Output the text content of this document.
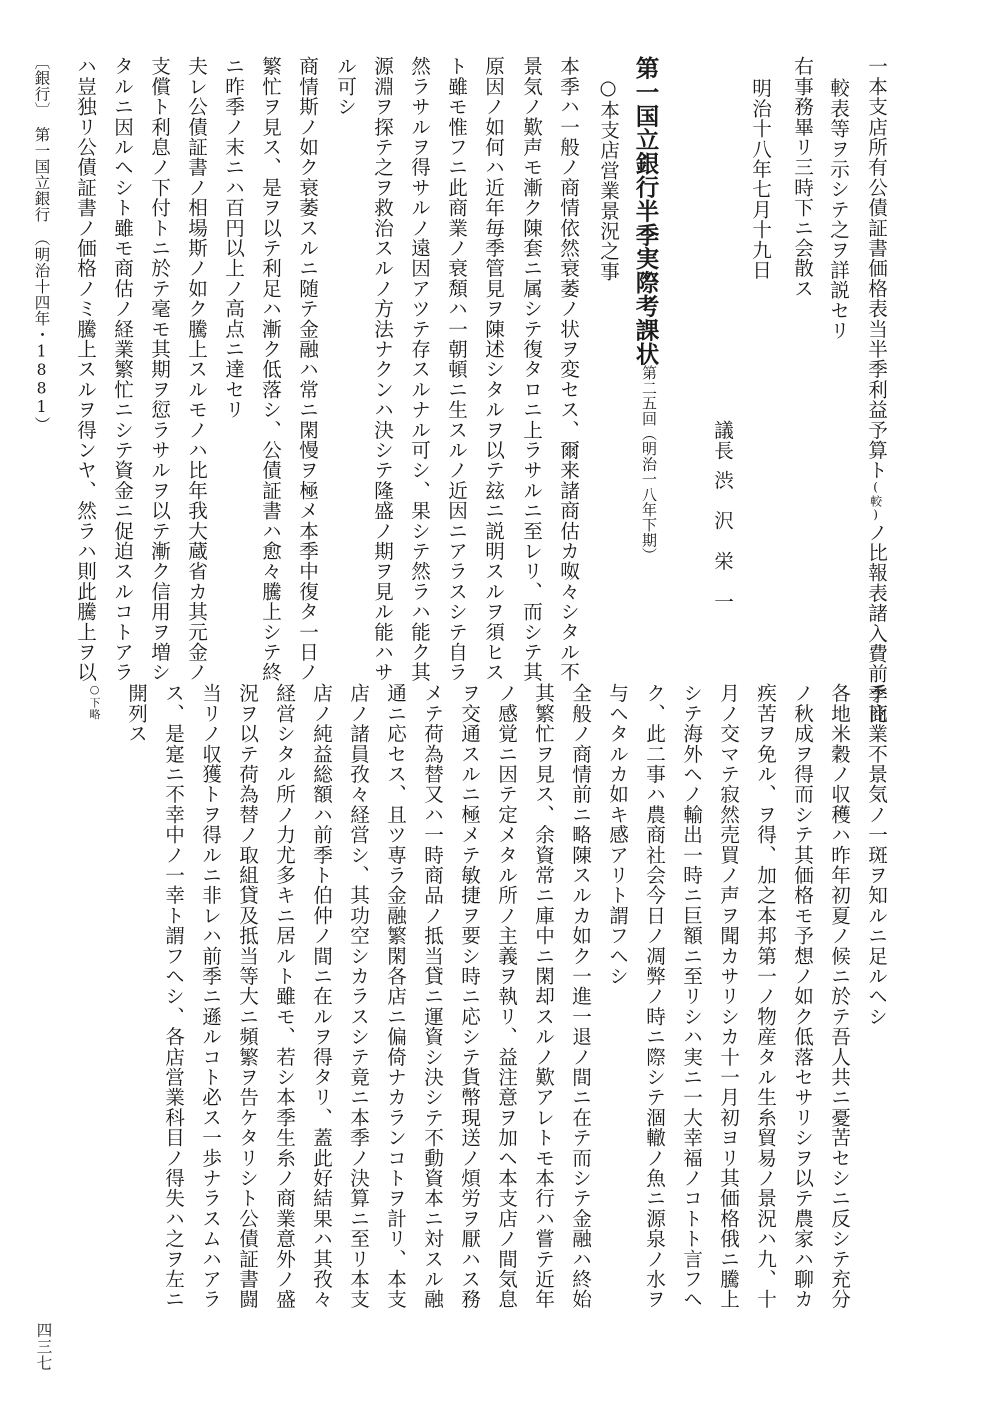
一本支店所有公債証書価格表当半季利益予算ト(較)ノ比報表諸入費前季比
較表等ヲ示シテ之ヲ詳説セリ
右事務畢リ三時下ニ会散ス
明治十八年七月十九日
議長
渋　沢　栄　一
第一国立銀行半季実際考課状
第二五回（明治一八年下期）
○本支店営業景況之事
本季ハ一般ノ商情依然衰萎ノ状ヲ変セス、爾来諸商估カ呶々シタル不
景気ノ歎声モ漸ク陳套ニ属シテ復タロニ上ラサルニ至レリ、而シテ其
原因ノ如何ハ近年毎季管見ヲ陳述シタルヲ以テ玆ニ説明スルヲ須ヒス
ト雖モ惟フニ此商業ノ衰頽ハ一朝頓ニ生スルノ近因ニアラスシテ自ラ
然ラサルヲ得サルノ遠因アツテ存スルナル可シ、果シテ然ラハ能ク其
源淵ヲ探テ之ヲ救治スルノ方法ナクンハ決シテ隆盛ノ期ヲ見ル能ハサ
ル可シ
商情斯ノ如ク衰萎スルニ随テ金融ハ常ニ閑慢ヲ極メ本季中復タ一日ノ
繁忙ヲ見ス、是ヲ以テ利足ハ漸ク低落シ、公債証書ハ愈々騰上シテ終
ニ昨季ノ末ニハ百円以上ノ高点ニ達セリ
夫レ公債証書ノ相場斯ノ如ク騰上スルモノハ比年我大蔵省カ其元金ノ
支償ト利息ノ下付トニ於テ毫モ其期ヲ愆ラサルヲ以テ漸ク信用ヲ増シ
タルニ因ルヘシト雖モ商估ノ経業繁忙ニシテ資金ニ促迫スルコトアラ
ハ豈独リ公債証書ノ価格ノミ騰上スルヲ得ンヤ、然ラハ則此騰上ヲ以
テ商業不景気ノ一斑ヲ知ルニ足ルヘシ
各地米穀ノ収穫ハ昨年初夏ノ候ニ於テ吾人共ニ憂苦セシニ反シテ充分
ノ秋成ヲ得而シテ其価格モ予想ノ如ク低落セサリシヲ以テ農家ハ聊カ
疾苦ヲ免ル、ヲ得、加之本邦第一ノ物産タル生糸貿易ノ景況ハ九、十
月ノ交マテ寂然売買ノ声ヲ聞カサリシカ十一月初ヨリ其価格俄ニ騰上
シテ海外ヘノ輸出一時ニ巨額ニ至リシハ実ニ一大幸福ノコトト言フヘ
ク、此二事ハ農商社会今日ノ凋弊ノ時ニ際シテ涸轍ノ魚ニ源泉ノ水ヲ
与ヘタルカ如キ感アリト謂フヘシ
全般ノ商情前ニ略陳スルカ如ク一進一退ノ間ニ在テ而シテ金融ハ終始
其繁忙ヲ見ス、余資常ニ庫中ニ閑却スルノ歎アレトモ本行ハ嘗テ近年
ノ感覚ニ因テ定メタル所ノ主義ヲ執リ、益注意ヲ加ヘ本支店ノ間気息
ヲ交通スルニ極メテ敏捷ヲ要シ時ニ応シテ貨幣現送ノ煩労ヲ厭ハス務
メテ荷為替又ハ一時商品ノ抵当貸ニ運資シ決シテ不動資本ニ対スル融
通ニ応セス、且ツ専ラ金融繁閑各店ニ偏倚ナカランコトヲ計リ、本支
店ノ諸員孜々経営シ、其功空シカラスシテ竟ニ本季ノ決算ニ至リ本支
店ノ純益総額ハ前季ト伯仲ノ間ニ在ルヲ得タリ、蓋此好結果ハ其孜々
経営シタル所ノ力尤多キニ居ルト雖モ、若シ本季生糸ノ商業意外ノ盛
況ヲ以テ荷為替ノ取組貸及抵当等大ニ頻繁ヲ告ケタリシト公債証書闘
当リノ収獲トヲ得ルニ非レハ前季ニ遜ルコト必ス一歩ナラスムハアラ
ス、是寔ニ不幸中ノ一幸ト謂フヘシ、各店営業科目ノ得失ハ之ヲ左ニ
開列ス
○下略
〔銀行〕　第一国立銀行　（明治十四年・1881）
四三七
